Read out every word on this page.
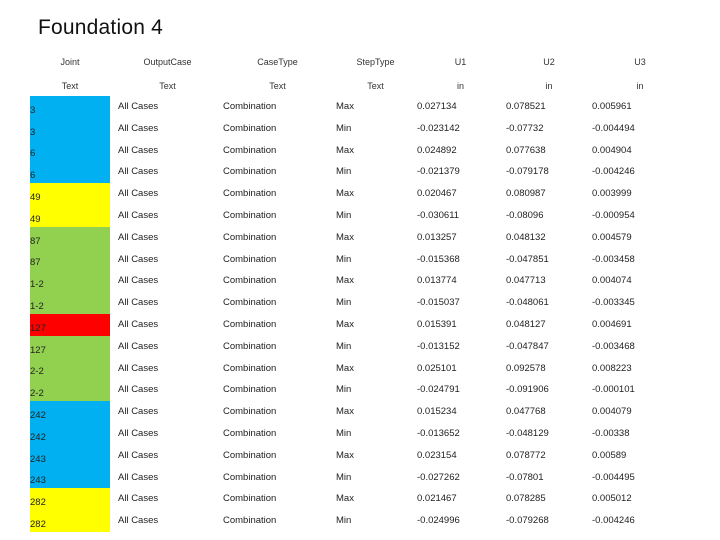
Foundation 4
Joint	OutputCase	CaseType	StepType	U1	U2	U3
Text	Text	Text	Text	in	in	in
3	All Cases	Combination	Max	0.027134	0.078521	0.005961
3	All Cases	Combination	Min	-0.023142	-0.07732	-0.004494
6	All Cases	Combination	Max	0.024892	0.077638	0.004904
6	All Cases	Combination	Min	-0.021379	-0.079178	-0.004246
49	All Cases	Combination	Max	0.020467	0.080987	0.003999
49	All Cases	Combination	Min	-0.030611	-0.08096	-0.000954
87	All Cases	Combination	Max	0.013257	0.048132	0.004579
87	All Cases	Combination	Min	-0.015368	-0.047851	-0.003458
1-2	All Cases	Combination	Max	0.013774	0.047713	0.004074
1-2	All Cases	Combination	Min	-0.015037	-0.048061	-0.003345
127	All Cases	Combination	Max	0.015391	0.048127	0.004691
127	All Cases	Combination	Min	-0.013152	-0.047847	-0.003468
2-2	All Cases	Combination	Max	0.025101	0.092578	0.008223
2-2	All Cases	Combination	Min	-0.024791	-0.091906	-0.000101
242	All Cases	Combination	Max	0.015234	0.047768	0.004079
242	All Cases	Combination	Min	-0.013652	-0.048129	-0.00338
243	All Cases	Combination	Max	0.023154	0.078772	0.00589
243	All Cases	Combination	Min	-0.027262	-0.07801	-0.004495
282	All Cases	Combination	Max	0.021467	0.078285	0.005012
282	All Cases	Combination	Min	-0.024996	-0.079268	-0.004246
